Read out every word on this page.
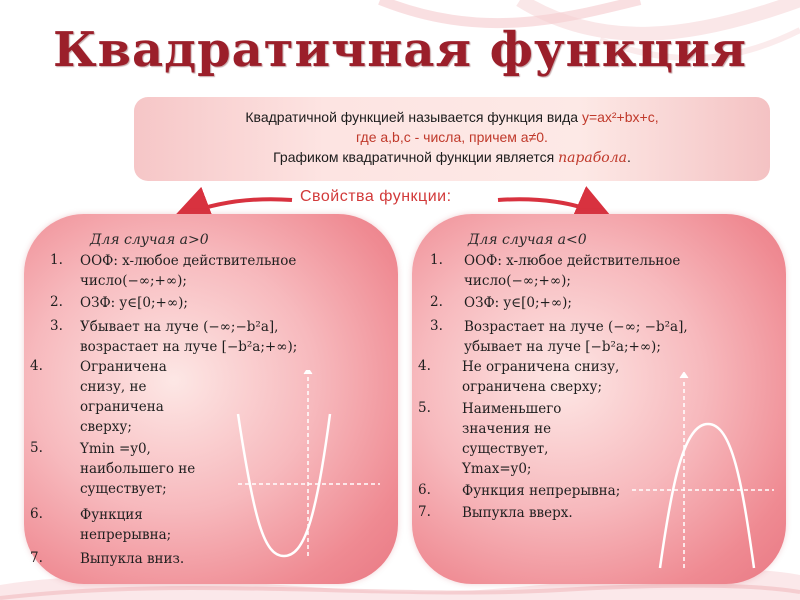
Квадратичная функция
Квадратичной функцией называется функция вида y=ax²+bx+c,
где a,b,c - числа, причем a≠0.
Графиком квадратичной функции является парабола.
Свойства функции:
Для случая a>0
1. ООФ: x-любое действительное
число(−∞;+∞);
2. ОЗФ: y∈[0;+∞);
3. Убывает на луче (−∞;−b²a],
возрастает на луче [−b²a;+∞);
4.	Ограничена
снизу, не
ограничена
сверху;
5.	Ymin =y0,
наибольшего не
существует;
6.	Функция
непрерывна;
7.	Выпукла вниз.
Для случая a<0
1. ООФ: x-любое действительное
число(−∞;+∞);
2. ОЗФ: y∈[0;+∞);
3. Возрастает на луче (−∞; −b²a],
убывает на луче [−b²a;+∞);
4. Не ограничена снизу,
ограничена сверху;
5. Наименьшего
значения не
существует,
Ymax=y0;
6. Функция непрерывна;
7. Выпукла вверх.
